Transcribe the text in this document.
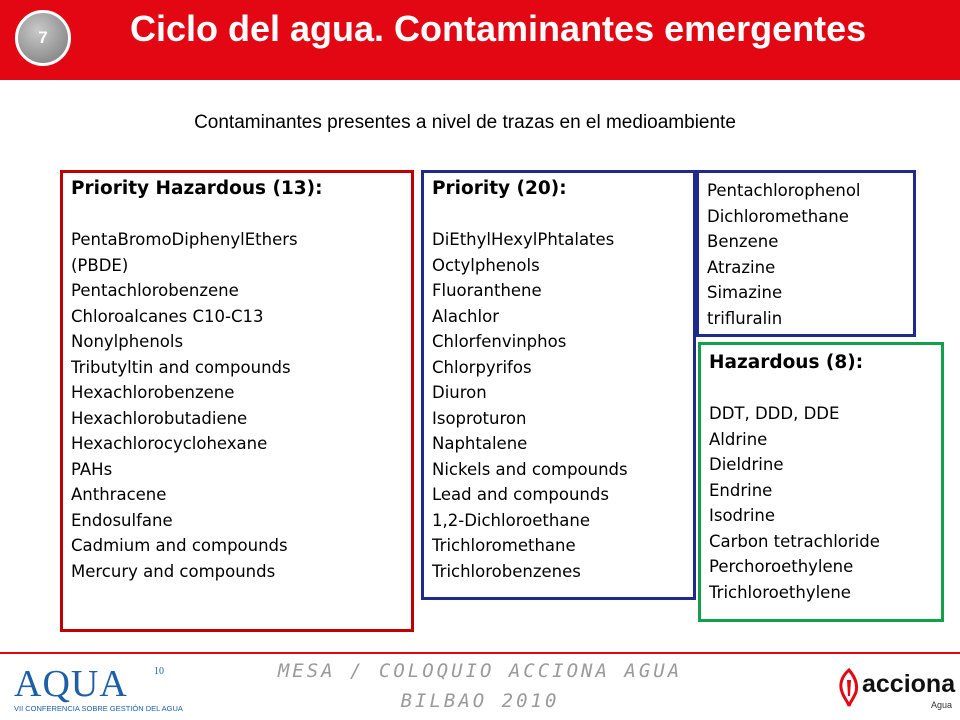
7	Ciclo del agua. Contaminantes emergentes
Contaminantes presentes a nivel de trazas en el medioambiente
Priority Hazardous (13):
PentaBromoDiphenylEthers
(PBDE)
Pentachlorobenzene
Chloroalcanes C10-C13
Nonylphenols
Tributyltin and compounds
Hexachlorobenzene
Hexachlorobutadiene
Hexachlorocyclohexane
PAHs
Anthracene
Endosulfane
Cadmium and compounds
Mercury and compounds
Priority (20):
DiEthylHexylPhtalates
Octylphenols
Fluoranthene
Alachlor
Chlorfenvinphos
Chlorpyrifos
Diuron
Isoproturon
Naphtalene
Nickels and compounds
Lead and compounds
1,2-Dichloroethane
Trichloromethane
Trichlorobenzenes
Pentachlorophenol
Dichloromethane
Benzene
Atrazine
Simazine
trifluralin
Hazardous (8):
DDT, DDD, DDE
Aldrine
Dieldrine
Endrine
Isodrine
Carbon tetrachloride
Perchoroethylene
Trichloroethylene
MESA / COLOQUIO ACCIONA AGUA
BILBAO 2010
AQUA	10
VII CONFERENCIA SOBRE GESTIÓN DEL AGUA
acciona
Agua
